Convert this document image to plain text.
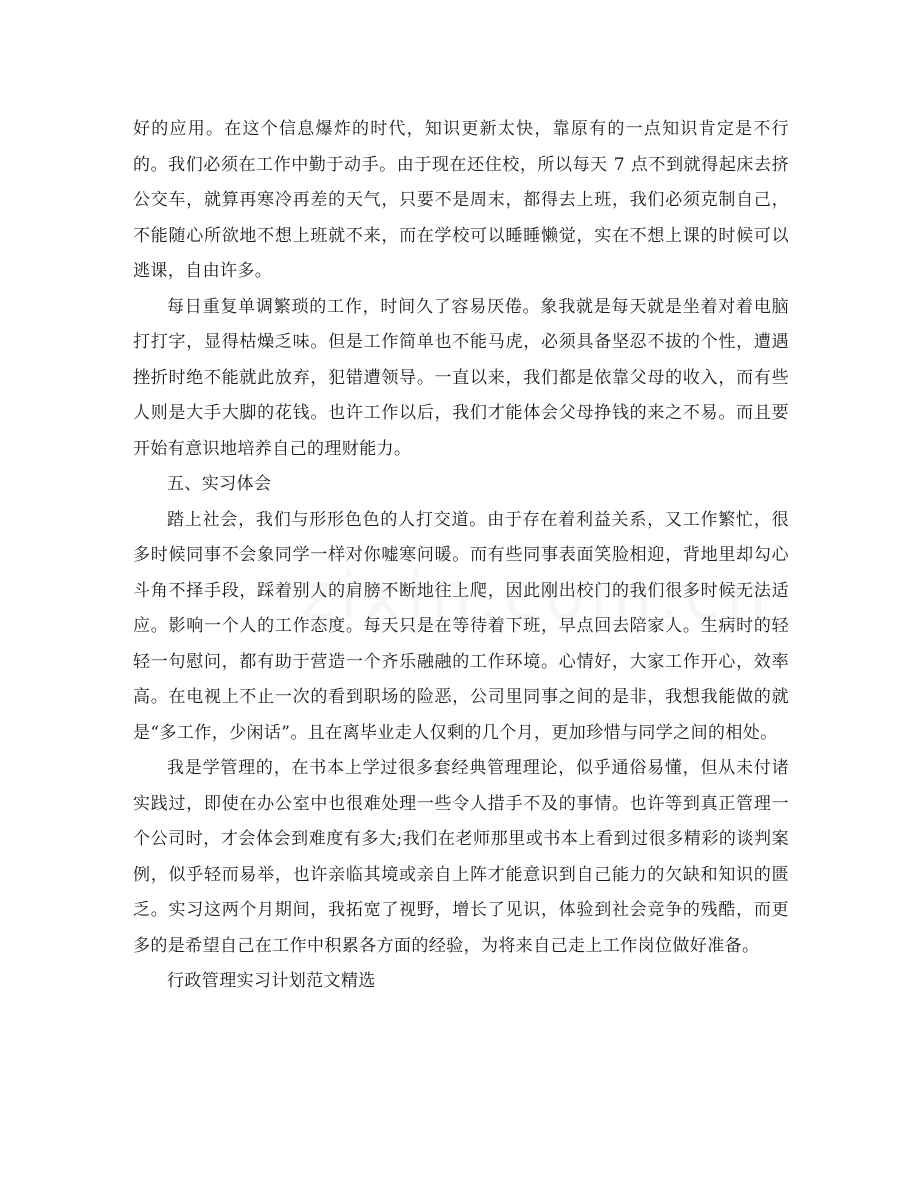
好的应用。在这个信息爆炸的时代，知识更新太快，靠原有的一点知识肯定是不行的。我们必须在工作中勤于动手。由于现在还住校，所以每天 7 点不到就得起床去挤公交车，就算再寒冷再差的天气，只要不是周末，都得去上班，我们必须克制自己，不能随心所欲地不想上班就不来，而在学校可以睡睡懒觉，实在不想上课的时候可以逃课，自由许多。

每日重复单调繁琐的工作，时间久了容易厌倦。象我就是每天就是坐着对着电脑打打字，显得枯燥乏味。但是工作简单也不能马虎，必须具备坚忍不拔的个性，遭遇挫折时绝不能就此放弃，犯错遭领导。一直以来，我们都是依靠父母的收入，而有些人则是大手大脚的花钱。也许工作以后，我们才能体会父母挣钱的来之不易。而且要开始有意识地培养自己的理财能力。

五、实习体会

踏上社会，我们与形形色色的人打交道。由于存在着利益关系，又工作繁忙，很多时候同事不会象同学一样对你嘘寒问暖。而有些同事表面笑脸相迎，背地里却勾心斗角不择手段，踩着别人的肩膀不断地往上爬，因此刚出校门的我们很多时候无法适应。影响一个人的工作态度。每天只是在等待着下班，早点回去陪家人。生病时的轻轻一句慰问，都有助于营造一个齐乐融融的工作环境。心情好，大家工作开心，效率高。在电视上不止一次的看到职场的险恶，公司里同事之间的是非，我想我能做的就是“多工作，少闲话”。且在离毕业走人仅剩的几个月，更加珍惜与同学之间的相处。

我是学管理的，在书本上学过很多套经典管理理论，似乎通俗易懂，但从未付诸实践过，即使在办公室中也很难处理一些令人措手不及的事情。也许等到真正管理一个公司时，才会体会到难度有多大;我们在老师那里或书本上看到过很多精彩的谈判案例，似乎轻而易举，也许亲临其境或亲自上阵才能意识到自己能力的欠缺和知识的匮乏。实习这两个月期间，我拓宽了视野，增长了见识，体验到社会竞争的残酷，而更多的是希望自己在工作中积累各方面的经验，为将来自己走上工作岗位做好准备。

行政管理实习计划范文精选
